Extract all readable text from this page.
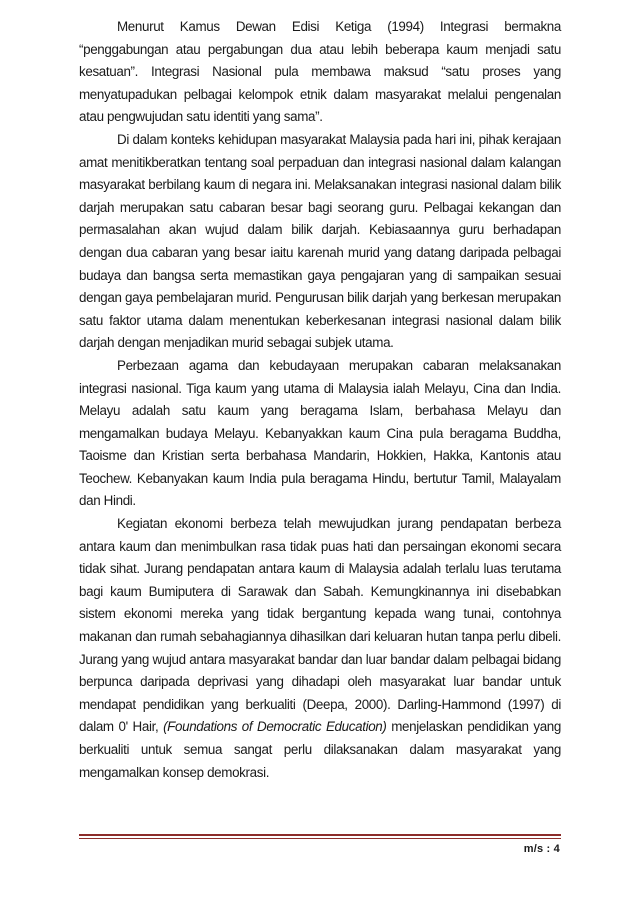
Menurut Kamus Dewan Edisi Ketiga (1994) Integrasi bermakna “penggabungan atau pergabungan dua atau lebih beberapa kaum menjadi satu kesatuan”. Integrasi Nasional pula membawa maksud “satu proses yang menyatupadukan pelbagai kelompok etnik dalam masyarakat melalui pengenalan atau pengwujudan satu identiti yang sama”.

Di dalam konteks kehidupan masyarakat Malaysia pada hari ini, pihak kerajaan amat menitikberatkan tentang soal perpaduan dan integrasi nasional dalam kalangan masyarakat berbilang kaum di negara ini. Melaksanakan integrasi nasional dalam bilik darjah merupakan satu cabaran besar bagi seorang guru. Pelbagai kekangan dan permasalahan akan wujud dalam bilik darjah. Kebiasaannya guru berhadapan dengan dua cabaran yang besar iaitu karenah murid yang datang daripada pelbagai budaya dan bangsa serta memastikan gaya pengajaran yang di sampaikan sesuai dengan gaya pembelajaran murid. Pengurusan bilik darjah yang berkesan merupakan satu faktor utama dalam menentukan keberkesanan integrasi nasional dalam bilik darjah dengan menjadikan murid sebagai subjek utama.

Perbezaan agama dan kebudayaan merupakan cabaran melaksanakan integrasi nasional. Tiga kaum yang utama di Malaysia ialah Melayu, Cina dan India. Melayu adalah satu kaum yang beragama Islam, berbahasa Melayu dan mengamalkan budaya Melayu. Kebanyakkan kaum Cina pula beragama Buddha, Taoisme dan Kristian serta berbahasa Mandarin, Hokkien, Hakka, Kantonis atau Teochew. Kebanyakan kaum India pula beragama Hindu, bertutur Tamil, Malayalam dan Hindi.

Kegiatan ekonomi berbeza telah mewujudkan jurang pendapatan berbeza antara kaum dan menimbulkan rasa tidak puas hati dan persaingan ekonomi secara tidak sihat. Jurang pendapatan antara kaum di Malaysia adalah terlalu luas terutama bagi kaum Bumiputera di Sarawak dan Sabah. Kemungkinannya ini disebabkan sistem ekonomi mereka yang tidak bergantung kepada wang tunai, contohnya makanan dan rumah sebahagiannya dihasilkan dari keluaran hutan tanpa perlu dibeli. Jurang yang wujud antara masyarakat bandar dan luar bandar dalam pelbagai bidang berpunca daripada deprivasi yang dihadapi oleh masyarakat luar bandar untuk mendapat pendidikan yang berkualiti (Deepa, 2000). Darling-Hammond (1997) di dalam 0' Hair, (Foundations of Democratic Education) menjelaskan pendidikan yang berkualiti untuk semua sangat perlu dilaksanakan dalam masyarakat yang mengamalkan konsep demokrasi.

m/s : 4
